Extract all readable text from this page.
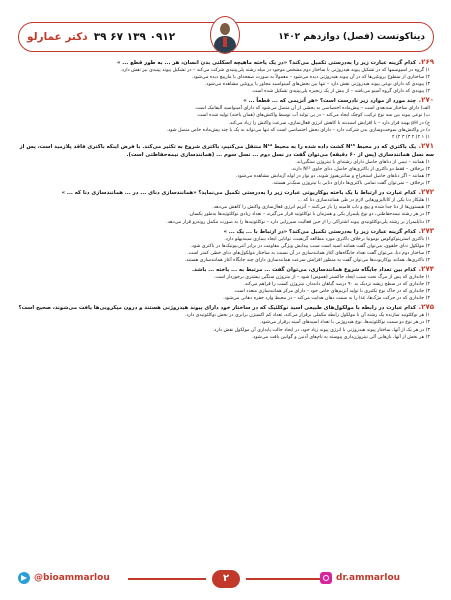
۰۹۱۲ ۱۳۹ ۶۷ ۳۹
دکتر عمارلو	دیناکوتست (فصل) دوازدهم ۱۴۰۲
۲۶۹. کدام گزینه عبارت زیر را به‌درستی تکمیل می‌کند؟ «در یک یاخته ماهیچه اسکلتی بدن انسان، هر ... به طور قطع ... »
۱) گروه در اسپوسمها که در تشکیل پیوند هیدروژنی با ساختار دوم مشخص موجود در میله رشته پلی‌پپتیدی شرکت می‌کند – در تشکیل پیوند پپتیدی نیز نقش دارد.
۲) ساختاری از سطوح پروتئین‌ها که در آن پیوند هیدروژنی دیده می‌شود – معمولاً به صورت صفحه‌ای یا مارپیچ دیده می‌شود.
۳) پیوندی که دارای نوعی پیوند هیدروژنی نقش دارد – تنها بین بخش‌های آمینواسید مجاور یا پروتئین مشاهده می‌شود.
۴) پیوندی که دارای گروه آمینو می‌باشد – از بیش از یک زنجیره پلی‌پپتیدی تشکیل شده است.
۲۷۰. چند مورد از موارد زیر نادرست است؟ «هر آنزیمی که ... قطعاً ... »
الف) دارای ساختار سه‌بعدی است – پیش‌ماده اختصاصی به بخشی از آن متصل می‌شود که دارای آمینواسید آلیفاتیک است.
ب) نوعی پیوند بین سه نوع ترکیب کوچک ایجاد می‌کند – در پی تولید آب توسط واکنش‌های (همان یاخته) تولید شده است.
ج) در pH بهینه قرار دارد – با افزایش اسیدیته یا کاهش انرژی فعال‌سازی، سرعت واکنش را زیاد می‌کند.
د) در واکنش‌های سوخت‌وسازی بدن شرکت دارد – دارای بخش اختصاصی است که تنها می‌تواند به یک یا چند پیش‌ماده خاص متصل شود.
۱) ۱ ۲) ۲ ۳) ۳ ۴) ۴
۲۷۱. یک باکتری که در محیط N¹⁵ کشت داده شده را به محیط N¹⁴ منتقل می‌کنیم، باکتری شروع به تکثیر می‌کند. با فرض اینکه باکتری فاقد پلازمید است، پس از سه نسل همانندسازی (پس از ۶۰ دقیقه) می‌توان گفت در نسل دوم ... نسل سوم ... (همانندسازی نیمه‌حفاظتی است).
۱) همانند – نیمی از دناهای حاصل دارای رشته‌ای با نیتروژن سنگین‌اند.
۲) برخلاف – فقط دو باکتری از باکتری‌های حاصل، دنای حاوی N¹⁵ دارند.
۳) همانند – اگر دناهای حاصل استخراج و سانتریفیوژ شوند، دو نوار در لوله آزمایش مشاهده می‌شود.
۴) برخلاف – نمی‌توان گفت تمامی باکتری‌ها دارای دنایی با نیتروژن سبک‌تر هستند.
۲۷۲. کدام عبارت در ارتباط با یک یاخته یوکاریوتی عبارت زیر را به‌درستی تکمیل می‌نماید؟ «همانندسازی دنای ... در ... همانندسازی دنا که ... »
۱) هلیکاز دنا یکی از کاتالیزورهایی لازم در طی همانندسازی دنا که ...
۲) هیستون‌ها از دنا جدا شده و پیچ و تاب فامینه را باز می‌کنند – آنزیم انرژی فعال‌سازی واکنش را کاهش می‌دهد.
۳) در هر رشته نیمه‌حفاظتی، دو نوع پلیمراز یکی و همزمان با نوکلئوتید قرار می‌گیرند – تعداد زیادی نوکلئوتیدها به‌طور یکسان.
۴) دناپلیمراز بر رشته پلی‌نوکلئوتیدی پیوند اشتراکی را از حین فعالیت سیرزایی دارد – نوکلئوتیدها را به صورت مکمل روبه‌رو قرار می‌دهد.
۲۷۳. کدام گزینه عبارت زیر را به‌درستی تکمیل می‌کند؟ «در ارتباط با ... یک ... »
۱) باکتری استرپتوکوکوس نومونیا برخلاف باکتری مورد مطالعه گریفیت، توانایی ایجاد بیماری سینه‌پهلو دارد.
۲) مولکول دنای حلقوی، می‌توان گفت همانند اسید است سبب پیدایش ویژگی مقاومت در برابر آنتی‌بیوتیک‌ها در باکتری شود.
۳) ساختار دوم دنا، می‌توان گفت تعداد جایگاه‌های آغاز همانندسازی در آن نسبت به ساختار مولکول‌های دنای خطی کمتر است.
۴) باکتری‌ها، همانند یوکاریوت‌ها می‌توان گفت به منظور افزایش سرعت همانندسازی دارای چند جایگاه آغاز همانندسازی هستند.
۲۷۴. کدام بین تعداد جایگاه شروع همانندسازی، می‌توان گفت ... مرتبط به ... یاخته ... باشد.
۱) جانداری که پس از مرگ تحت سبب ایجاد خاکستر (هموس) شود – از نیتروژن سنگین بیشتری برخوردار است.
۲) جانداری که در سطح ریشه نزدیک به ۹۰ درصد گیاهان دانه‌دار، نیتروژن کسب را فراهم می‌کند.
۳) جانداری که در خاک نوع تکثیری با تولید آنزیم‌های خاص خود – دارای مرکز همانندسازی متعدد است.
۴) جانداری که در حرکت مژک‌ها، غذا را به سمت دهان هدایت می‌کند – در محیط وارد حفره دهانی می‌شود.
۲۷۵. کدام عبارت در رابطه با مولکول‌های طبیعی اسید نوکلئیک که در ساختار خود دارای پیوند هیدروژنی هستند و درون میکروبی‌ها یافت می‌شوند، صحیح است؟
۱) هر نوکلئوتید سازنده یک رشته آن با مولکول رابطه مکملی برقرار می‌کند، تعداد کم اکسیژن برابری در بخش نوکلئوتیدی دارد.
۲) در هر نوع دو سمت نوکلئوتید‌ها، نوع هیدروژنی با تعداد اسیدهای آمینه برقرار می‌شود.
۳) در هر یک از آنها، ساختار پیوند هیدروژنی با انرژی پیوند زیاد خود، در ایجاد حالت پایداری آن مولکول نقش دارد.
۴) هر بخش از آنها، بازهایی آلی نیتروژن‌داری پیوسته به نام‌های آدنین و گوانین یافت می‌شود.
@bioammarlou	۲	dr.ammarlou
